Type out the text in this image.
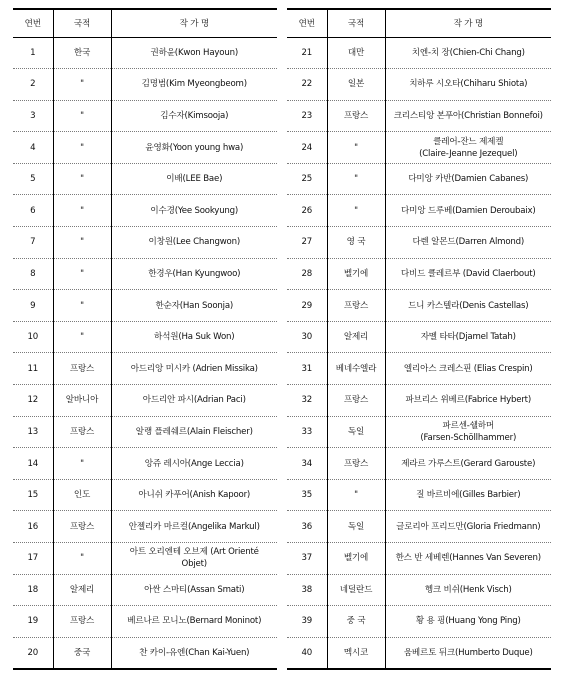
연번	국적	작 가 명
1	한국	권하윤(Kwon Hayoun)
2	"	김명범(Kim Myeongbeom)
3	"	김수자(Kimsooja)
4	"	윤영화(Yoon young hwa)
5	"	이배(LEE Bae)
6	"	이수경(Yee Sookyung)
7	"	이창원(Lee Changwon)
8	"	한경우(Han Kyungwoo)
9	"	한순자(Han Soonja)
10	"	하석원(Ha Suk Won)
11	프랑스	아드리앙 미시카 (Adrien Missika)
12	알바니아	아드리안 파시(Adrian Paci)
13	프랑스	알랭 플레쉐르(Alain Fleischer)
14	"	앙쥬 레시아(Ange Leccia)
15	인도	아니쉬 카푸어(Anish Kapoor)
16	프랑스	안젤리카 마르컬(Angelika Markul)
17	"	아트 오리엔테 오브제 (Art Orienté
Objet)
18	알제리	아싼 스마티(Assan Smati)
19	프랑스	베르나르 모니노(Bernard Moninot)
20	중국	찬 카이-유엔(Chan Kai-Yuen)
연번	국적	작 가 명
21	대만	치엔-치 장(Chien-Chi Chang)
22	일본	치하루 시오타(Chiharu Shiota)
23	프랑스	크리스티앙 본푸아(Christian Bonnefoi)
24	"	클레어-잔느 제제켈
(Claire-Jeanne Jezequel)
25	"	다미앙 카반(Damien Cabanes)
26	"	다미앙 드루베(Damien Deroubaix)
27	영 국	다렌 알몬드(Darren Almond)
28	벨기에	다비드 클레르부 (David Claerbout)
29	프랑스	드니 카스텔라(Denis Castellas)
30	알제리	자멜 타타(Djamel Tatah)
31	베네수엘라	엘리아스 크레스핀 (Elias Crespin)
32	프랑스	파브리스 위베르(Fabrice Hybert)
33	독일	파르센-쉘하머
(Farsen-Schöllhammer)
34	프랑스	제라르 가루스트(Gerard Garouste)
35	"	질 바르비에(Gilles Barbier)
36	독일	글로리아 프리드만(Gloria Friedmann)
37	벨기에	한스 반 세베렌(Hannes Van Severen)
38	네덜란드	헹크 비쉬(Henk Visch)
39	중 국	황 용 핑(Huang Yong Ping)
40	멕시코	움베르토 뒤크(Humberto Duque)
